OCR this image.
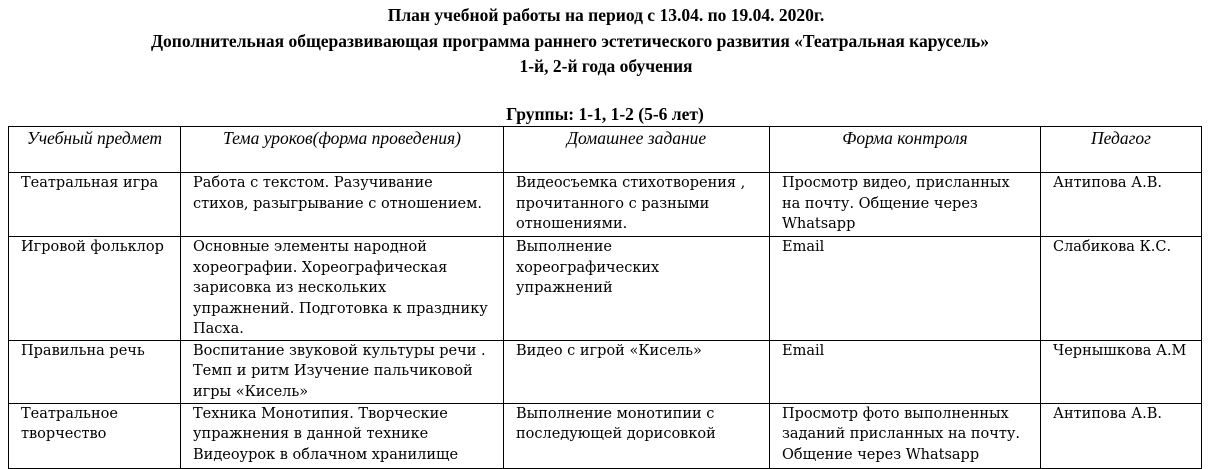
План учебной работы на период с 13.04. по 19.04. 2020г.
Дополнительная общеразвивающая программа раннего эстетического развития «Театральная карусель»
1-й, 2-й года обучения
Группы: 1-1, 1-2 (5-6 лет)
Учебный предмет	Тема уроков(форма проведения)	Домашнее задание	Форма контроля	Педагог
Театральная игра	Работа с текстом. Разучивание стихов, разыгрывание с отношением.	Видеосъемка стихотворения , прочитанного с разными отношениями.	Просмотр видео, присланных на почту. Общение через Whatsapp	Антипова А.В.
Игровой фольклор	Основные элементы народной хореографии. Хореографическая зарисовка из нескольких упражнений. Подготовка к празднику Пасха.	Выполнение хореографических упражнений	Email	Слабикова К.С.
Правильна речь	Воспитание звуковой культуры речи . Темп и ритм Изучение пальчиковой игры «Кисель»	Видео с игрой «Кисель»	Email	Чернышкова А.М
Театральное творчество	Техника Монотипия. Творческие упражнения в данной технике Видеоурок в облачном хранилище	Выполнение монотипии с последующей дорисовкой	Просмотр фото выполненных заданий присланных на почту. Общение через Whatsapp	Антипова А.В.
